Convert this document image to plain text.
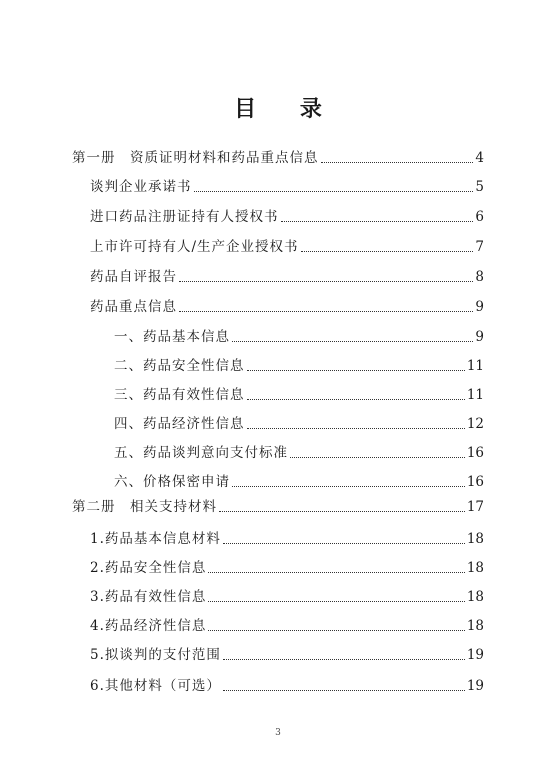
目 录
第一册　资质证明材料和药品重点信息	4
谈判企业承诺书	5
进口药品注册证持有人授权书	6
上市许可持有人/生产企业授权书	7
药品自评报告	8
药品重点信息	9
一、药品基本信息	9
二、药品安全性信息	11
三、药品有效性信息	11
四、药品经济性信息	12
五、药品谈判意向支付标准	16
六、价格保密申请	16
第二册　相关支持材料	17
1.药品基本信息材料	18
2.药品安全性信息	18
3.药品有效性信息	18
4.药品经济性信息	18
5.拟谈判的支付范围	19
6.其他材料（可选）	19
3
